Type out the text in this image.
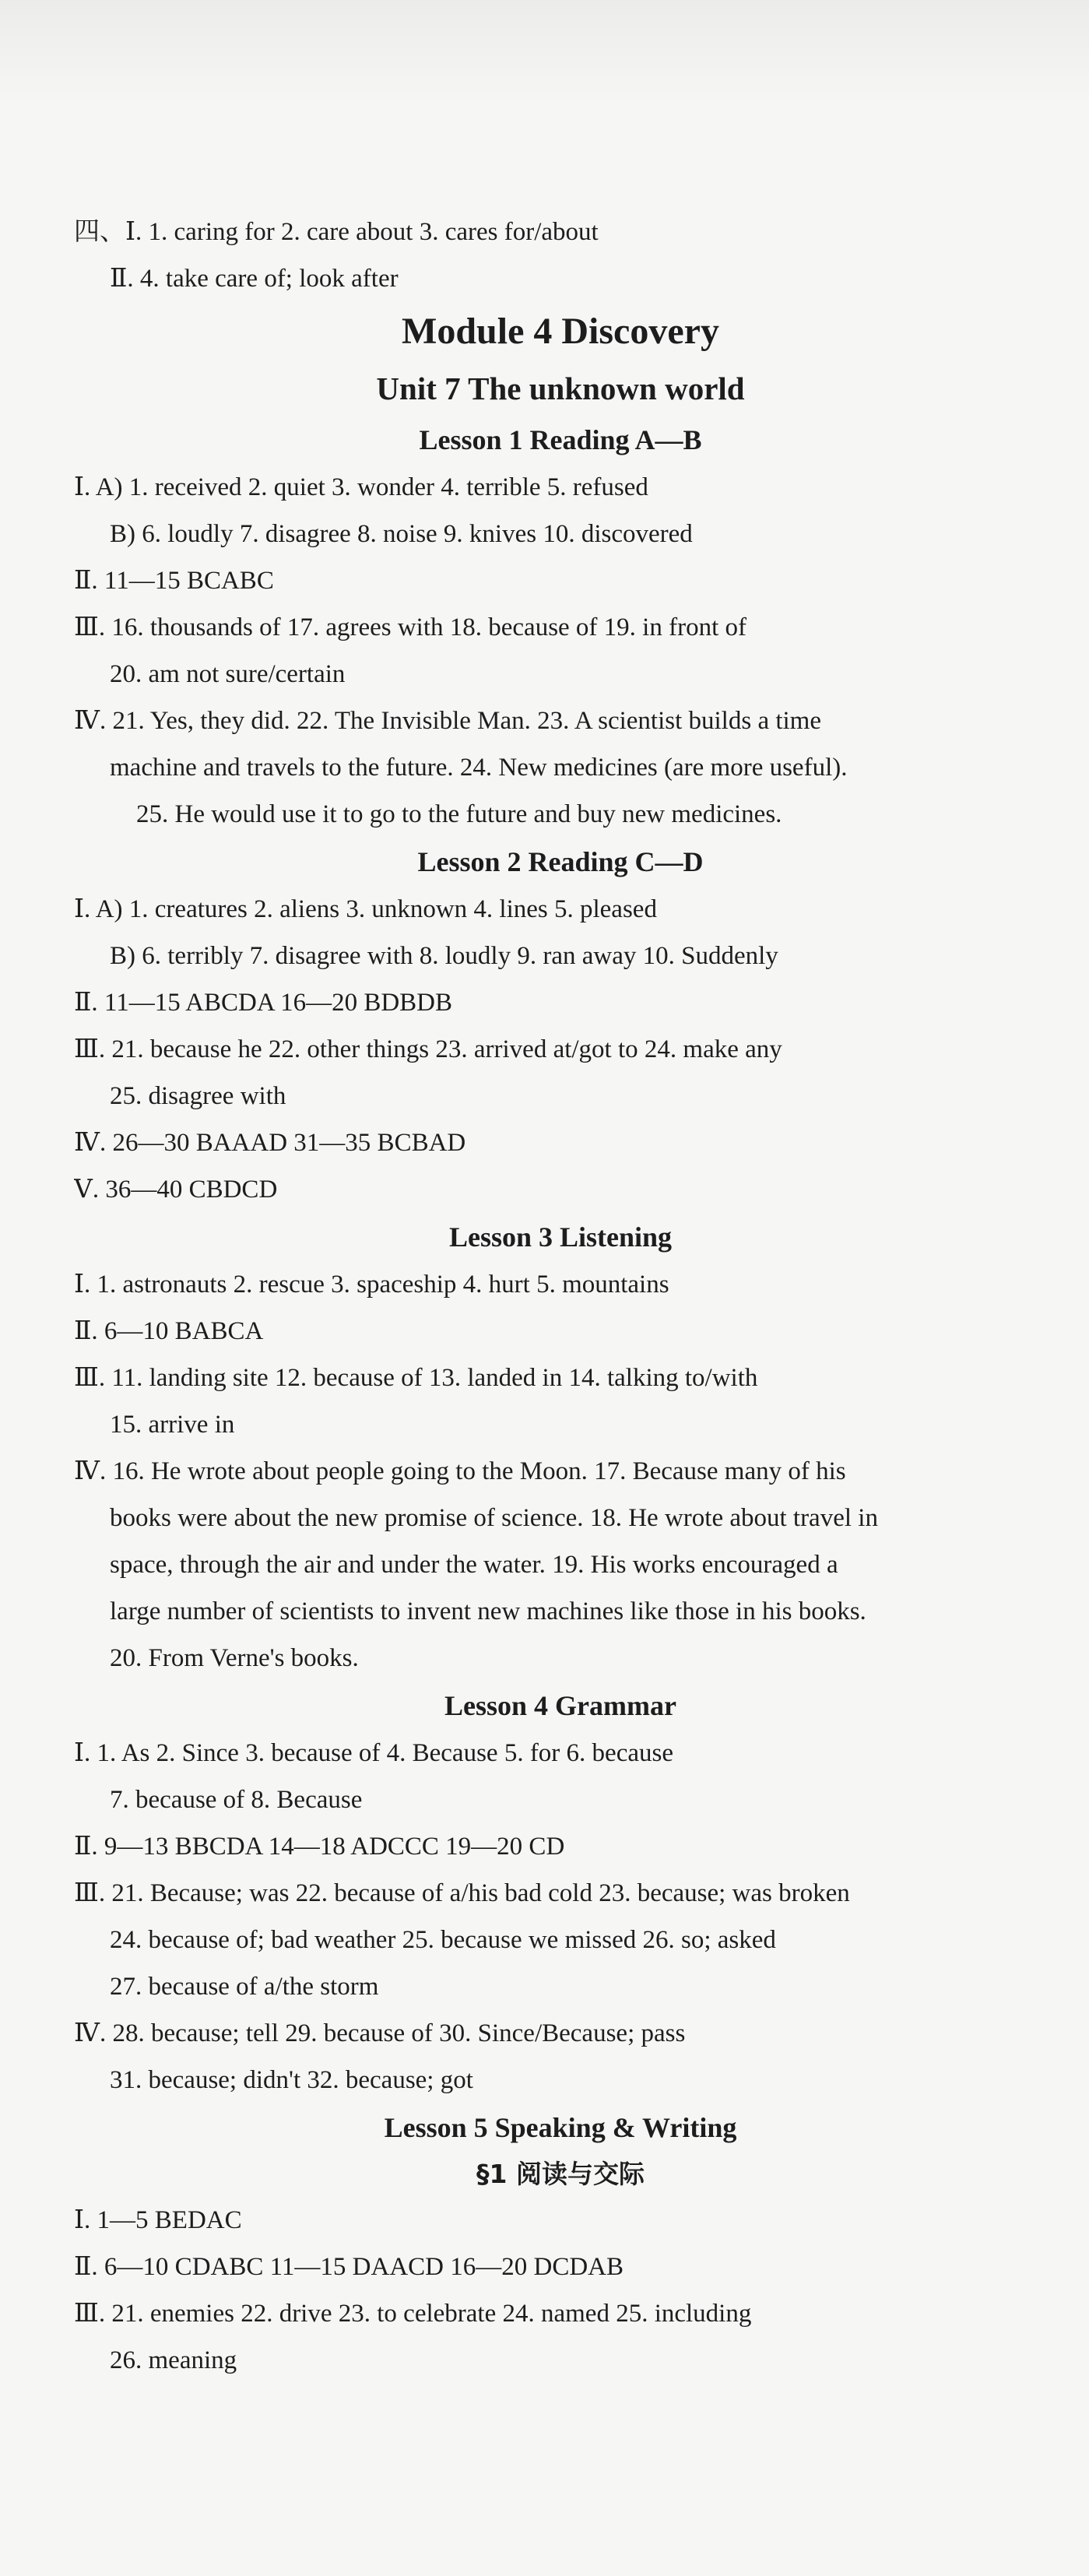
四、Ⅰ. 1. caring for 2. care about 3. cares for/about
Ⅱ. 4. take care of; look after
Module 4 Discovery
Unit 7 The unknown world
Lesson 1 Reading A—B
Ⅰ. A) 1. received 2. quiet 3. wonder 4. terrible 5. refused
B) 6. loudly 7. disagree 8. noise 9. knives 10. discovered
Ⅱ. 11—15 BCABC
Ⅲ. 16. thousands of 17. agrees with 18. because of 19. in front of
20. am not sure/certain
Ⅳ. 21. Yes, they did. 22. The Invisible Man. 23. A scientist builds a time
machine and travels to the future. 24. New medicines (are more useful).
25. He would use it to go to the future and buy new medicines.
Lesson 2 Reading C—D
Ⅰ. A) 1. creatures 2. aliens 3. unknown 4. lines 5. pleased
B) 6. terribly 7. disagree with 8. loudly 9. ran away 10. Suddenly
Ⅱ. 11—15 ABCDA 16—20 BDBDB
Ⅲ. 21. because he 22. other things 23. arrived at/got to 24. make any
25. disagree with
Ⅳ. 26—30 BAAAD 31—35 BCBAD
Ⅴ. 36—40 CBDCD
Lesson 3 Listening
Ⅰ. 1. astronauts 2. rescue 3. spaceship 4. hurt 5. mountains
Ⅱ. 6—10 BABCA
Ⅲ. 11. landing site 12. because of 13. landed in 14. talking to/with
15. arrive in
Ⅳ. 16. He wrote about people going to the Moon. 17. Because many of his
books were about the new promise of science. 18. He wrote about travel in
space, through the air and under the water. 19. His works encouraged a
large number of scientists to invent new machines like those in his books.
20. From Verne's books.
Lesson 4 Grammar
Ⅰ. 1. As 2. Since 3. because of 4. Because 5. for 6. because
7. because of 8. Because
Ⅱ. 9—13 BBCDA 14—18 ADCCC 19—20 CD
Ⅲ. 21. Because; was 22. because of a/his bad cold 23. because; was broken
24. because of; bad weather 25. because we missed 26. so; asked
27. because of a/the storm
Ⅳ. 28. because; tell 29. because of 30. Since/Because; pass
31. because; didn't 32. because; got
Lesson 5 Speaking & Writing
§1 阅读与交际
Ⅰ. 1—5 BEDAC
Ⅱ. 6—10 CDABC 11—15 DAACD 16—20 DCDAB
Ⅲ. 21. enemies 22. drive 23. to celebrate 24. named 25. including
26. meaning
